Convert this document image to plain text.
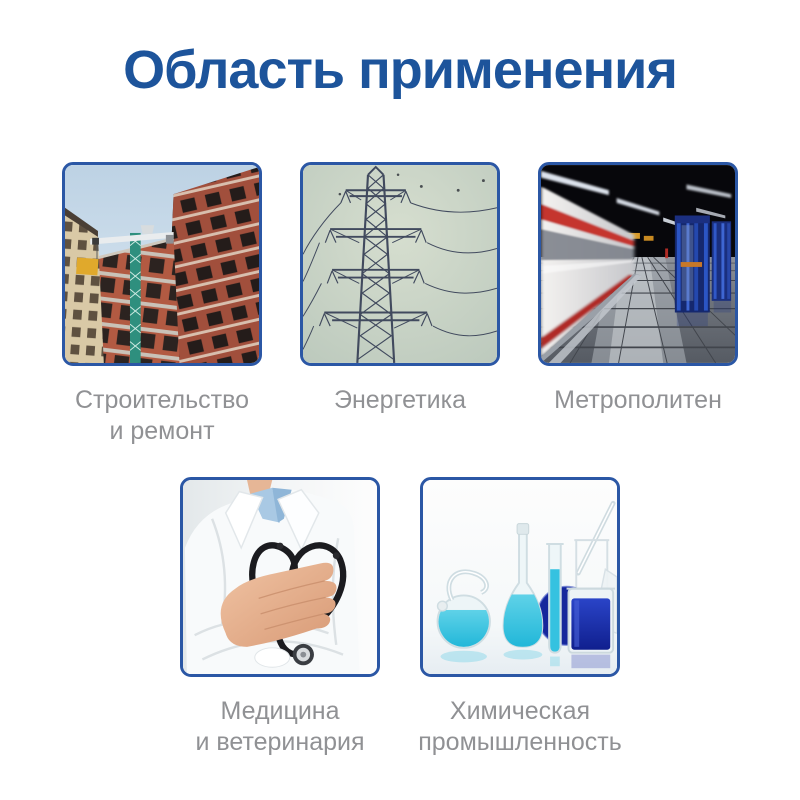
Область применения
Строительство
и ремонт
Энергетика	Метрополитен
Медицина
и ветеринария
Химическая
промышленность
